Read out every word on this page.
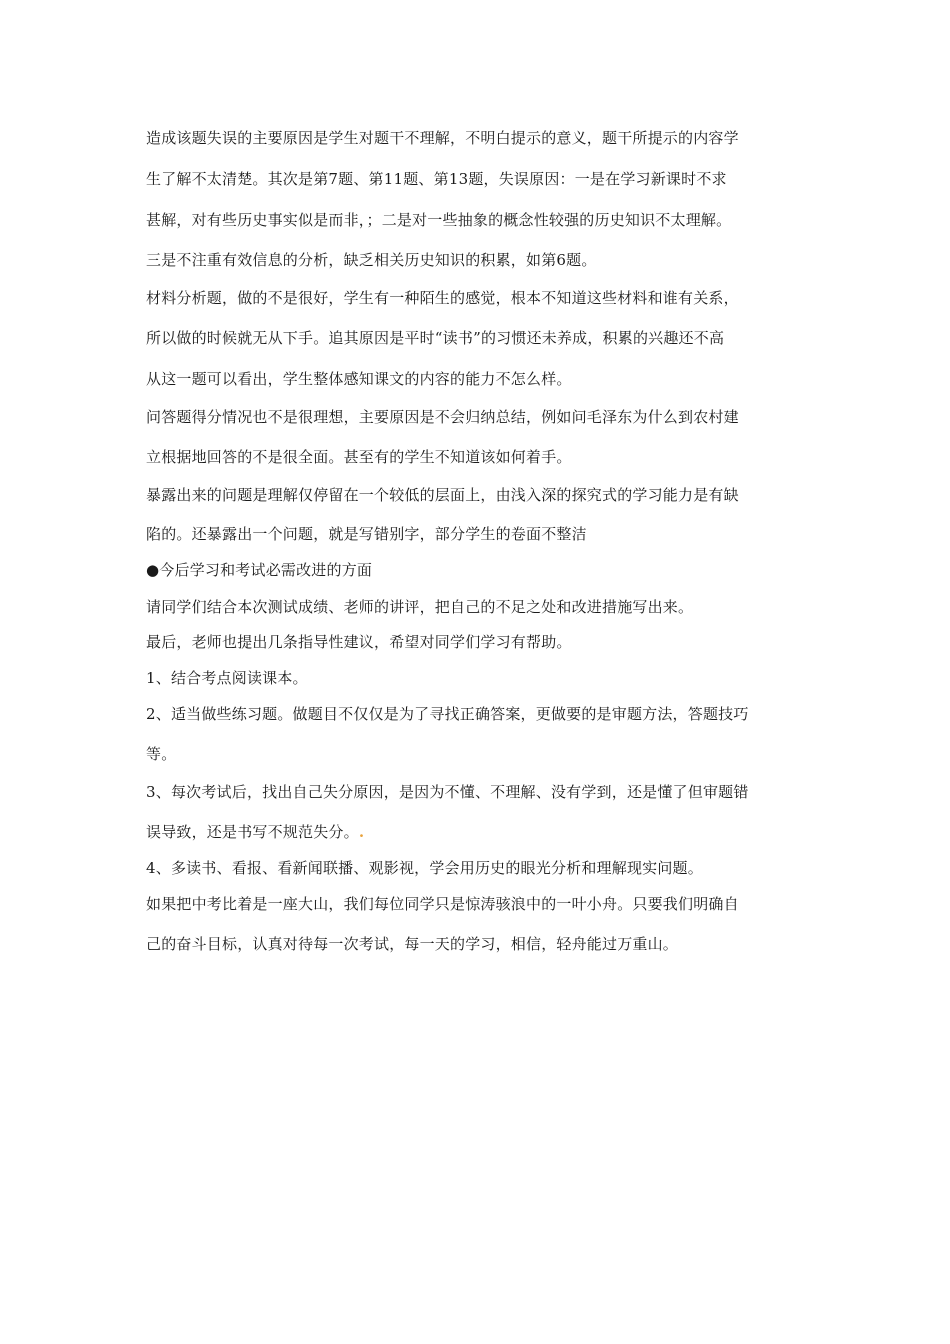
造成该题失误的主要原因是学生对题干不理解，不明白提示的意义，题干所提示的内容学
生了解不太清楚。其次是第7题、第11题、第13题，失误原因：一是在学习新课时不求
甚解，对有些历史事实似是而非，；二是对一些抽象的概念性较强的历史知识不太理解。
三是不注重有效信息的分析，缺乏相关历史知识的积累，如第6题。
材料分析题，做的不是很好，学生有一种陌生的感觉，根本不知道这些材料和谁有关系，
所以做的时候就无从下手。追其原因是平时“读书”的习惯还未养成，积累的兴趣还不高
从这一题可以看出，学生整体感知课文的内容的能力不怎么样。
问答题得分情况也不是很理想，主要原因是不会归纳总结，例如问毛泽东为什么到农村建
立根据地回答的不是很全面。甚至有的学生不知道该如何着手。
暴露出来的问题是理解仅停留在一个较低的层面上，由浅入深的探究式的学习能力是有缺
陷的。还暴露出一个问题，就是写错别字，部分学生的卷面不整洁
●今后学习和考试必需改进的方面
请同学们结合本次测试成绩、老师的讲评，把自己的不足之处和改进措施写出来。
最后，老师也提出几条指导性建议，希望对同学们学习有帮助。
1、结合考点阅读课本。
2、适当做些练习题。做题目不仅仅是为了寻找正确答案，更做要的是审题方法，答题技巧
等。
3、每次考试后，找出自己失分原因，是因为不懂、不理解、没有学到，还是懂了但审题错
误导致，还是书写不规范失分。.
4、多读书、看报、看新闻联播、观影视，学会用历史的眼光分析和理解现实问题。
如果把中考比着是一座大山，我们每位同学只是惊涛骇浪中的一叶小舟。只要我们明确自
己的奋斗目标，认真对待每一次考试，每一天的学习，相信，轻舟能过万重山。
